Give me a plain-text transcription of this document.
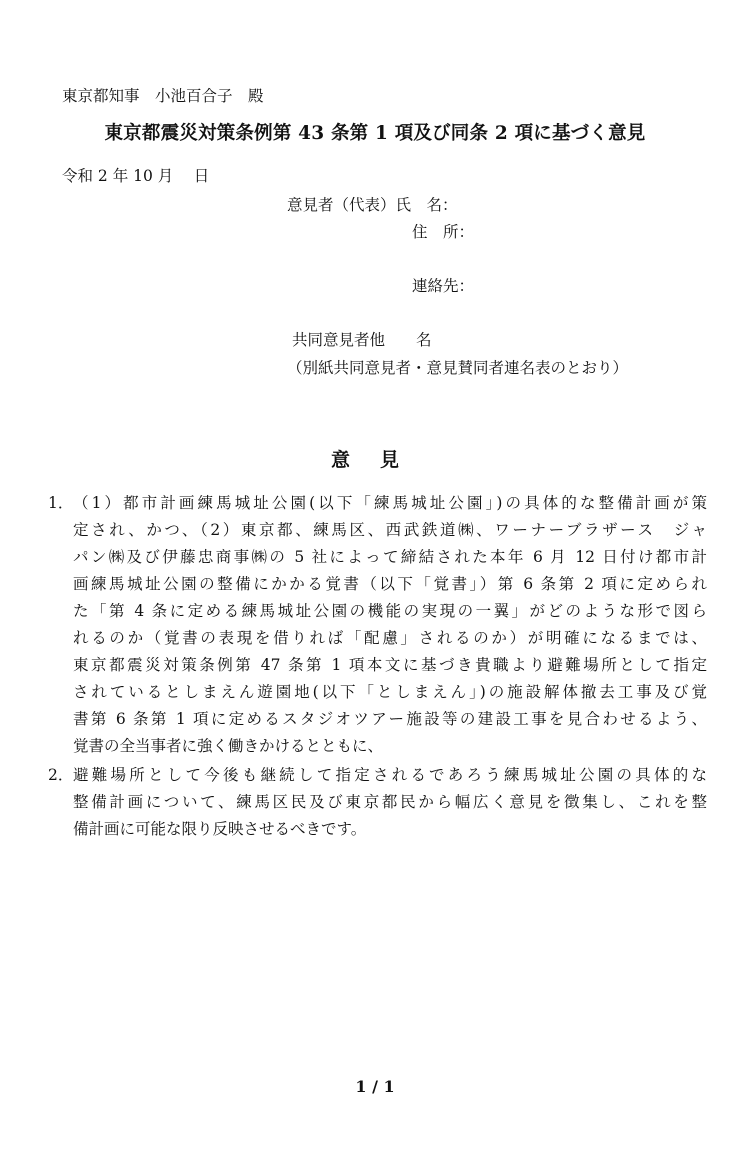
東京都知事　小池百合子　殿
東京都震災対策条例第 43 条第 1 項及び同条 2 項に基づく意見
令和 2 年 10 月　 日
意見者（代表）氏　名：
住　所：
連絡先：
共同意見者他　　名
（別紙共同意見者・意見賛同者連名表のとおり）
意見
1． （1）都市計画練馬城址公園(以下「練馬城址公園」)の具体的な整備計画が策
定され、かつ、（2）東京都、練馬区、西武鉄道㈱、ワーナーブラザース　ジャ
パン㈱及び伊藤忠商事㈱の 5 社によって締結された本年 6 月 12 日付け都市計
画練馬城址公園の整備にかかる覚書（以下「覚書」）第 6 条第 2 項に定められ
た「第 4 条に定める練馬城址公園の機能の実現の一翼」がどのような形で図ら
れるのか（覚書の表現を借りれば「配慮」されるのか）が明確になるまでは、
東京都震災対策条例第 47 条第 1 項本文に基づき貴職より避難場所として指定
されているとしまえん遊園地(以下「としまえん」)の施設解体撤去工事及び覚
書第 6 条第 1 項に定めるスタジオツアー施設等の建設工事を見合わせるよう、
覚書の全当事者に強く働きかけるとともに、
2． 避難場所として今後も継続して指定されるであろう練馬城址公園の具体的な
整備計画について、練馬区民及び東京都民から幅広く意見を徴集し、これを整
備計画に可能な限り反映させるべきです。
1 / 1
